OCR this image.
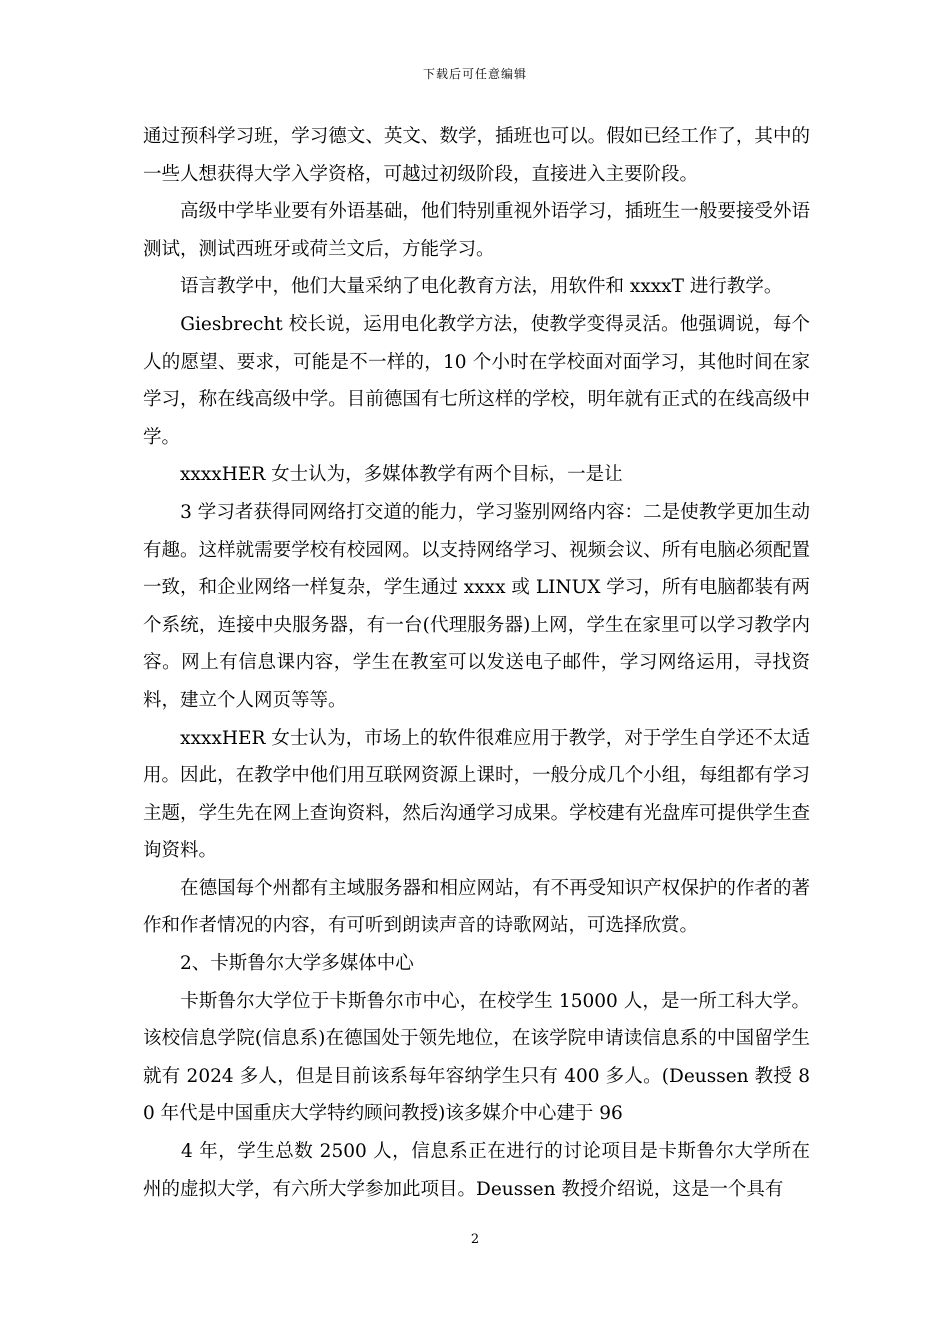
下载后可任意编辑

通过预科学习班，学习德文、英文、数学，插班也可以。假如已经工作了，其中的一些人想获得大学入学资格，可越过初级阶段，直接进入主要阶段。

　　高级中学毕业要有外语基础，他们特别重视外语学习，插班生一般要接受外语测试，测试西班牙或荷兰文后，方能学习。

　　语言教学中，他们大量采纳了电化教育方法，用软件和 xxxxT 进行教学。

　　Giesbrecht 校长说，运用电化教学方法，使教学变得灵活。他强调说，每个人的愿望、要求，可能是不一样的，10 个小时在学校面对面学习，其他时间在家学习，称在线高级中学。目前德国有七所这样的学校，明年就有正式的在线高级中学。

　　xxxxHER 女士认为，多媒体教学有两个目标，一是让

　　3 学习者获得同网络打交道的能力，学习鉴别网络内容：二是使教学更加生动有趣。这样就需要学校有校园网。以支持网络学习、视频会议、所有电脑必须配置一致，和企业网络一样复杂，学生通过 xxxx 或 LINUX 学习，所有电脑都装有两个系统，连接中央服务器，有一台(代理服务器)上网，学生在家里可以学习教学内容。网上有信息课内容，学生在教室可以发送电子邮件，学习网络运用，寻找资料，建立个人网页等等。

　　xxxxHER 女士认为，市场上的软件很难应用于教学，对于学生自学还不太适用。因此，在教学中他们用互联网资源上课时，一般分成几个小组，每组都有学习主题，学生先在网上查询资料，然后沟通学习成果。学校建有光盘库可提供学生查询资料。

　　在德国每个州都有主域服务器和相应网站，有不再受知识产权保护的作者的著作和作者情况的内容，有可听到朗读声音的诗歌网站，可选择欣赏。

　　2、卡斯鲁尔大学多媒体中心

　　卡斯鲁尔大学位于卡斯鲁尔市中心，在校学生 15000 人，是一所工科大学。该校信息学院(信息系)在德国处于领先地位，在该学院申请读信息系的中国留学生就有 2024 多人，但是目前该系每年容纳学生只有 400 多人。(Deussen 教授 80 年代是中国重庆大学特约顾问教授)该多媒介中心建于 96

　　4 年，学生总数 2500 人，信息系正在进行的讨论项目是卡斯鲁尔大学所在州的虚拟大学，有六所大学参加此项目。Deussen 教授介绍说，这是一个具有

2
